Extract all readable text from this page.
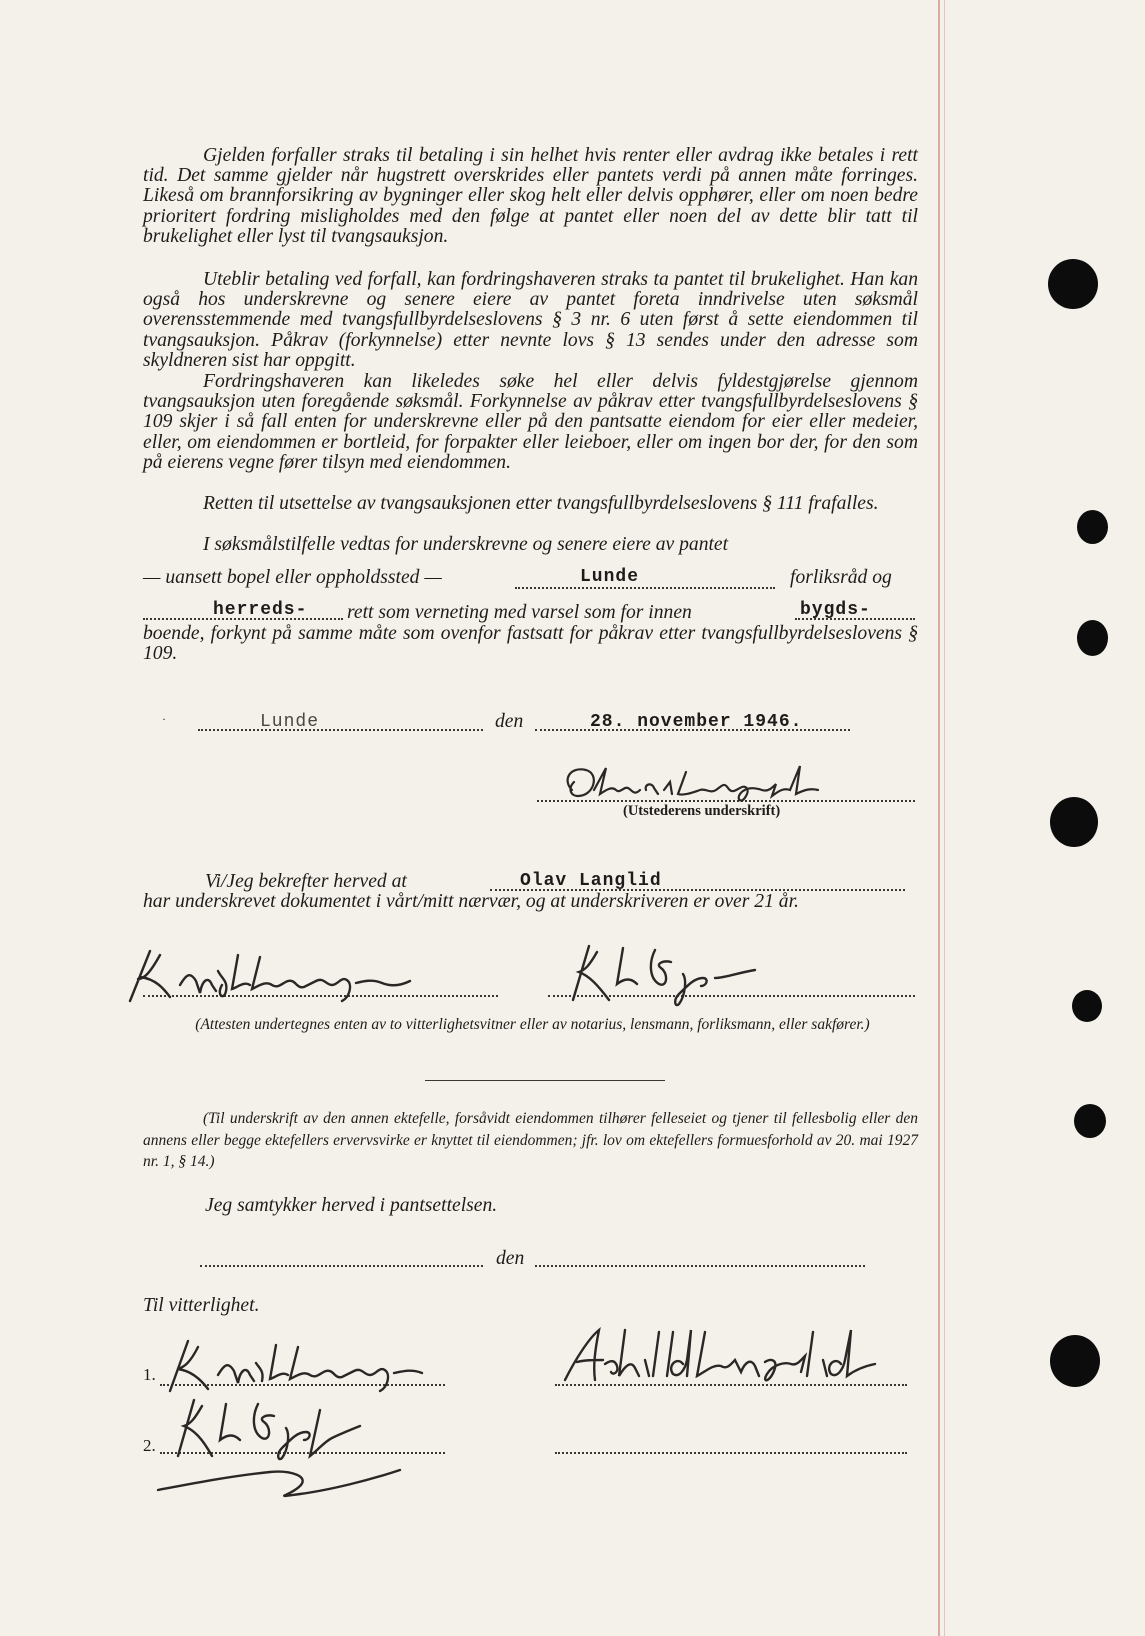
Gjelden forfaller straks til betaling i sin helhet hvis renter eller avdrag ikke betales i rett tid. Det samme gjelder når hugstrett overskrides eller pantets verdi på annen måte forringes. Likeså om brannforsikring av bygninger eller skog helt eller delvis opphører, eller om noen bedre prioritert fordring misligholdes med den følge at pantet eller noen del av dette blir tatt til brukelighet eller lyst til tvangsauksjon.
Uteblir betaling ved forfall, kan fordringshaveren straks ta pantet til brukelighet. Han kan også hos underskrevne og senere eiere av pantet foreta inndrivelse uten søksmål overensstemmende med tvangsfullbyrdelseslovens § 3 nr. 6 uten først å sette eiendommen til tvangsauksjon. Påkrav (forkynnelse) etter nevnte lovs § 13 sendes under den adresse som skyldneren sist har oppgitt.
Fordringshaveren kan likeledes søke hel eller delvis fyldestgjørelse gjennom tvangsauksjon uten foregående søksmål. Forkynnelse av påkrav etter tvangsfullbyrdelseslovens § 109 skjer i så fall enten for underskrevne eller på den pantsatte eiendom for eier eller medeier, eller, om eiendommen er bortleid, for forpakter eller leieboer, eller om ingen bor der, for den som på eierens vegne fører tilsyn med eiendommen.
Retten til utsettelse av tvangsauksjonen etter tvangsfullbyrdelseslovens § 111 frafalles.
I søksmålstilfelle vedtas for underskrevne og senere eiere av pantet
— uansett bopel eller oppholdssted —	Lunde	forliksråd og
herreds- rett som verneting med varsel som for innen	bygds-
boende, forkynt på samme måte som ovenfor fastsatt for påkrav etter tvangsfullbyrdelseslovens § 109.
·	Lunde	den	28. november 1946.
(Utstederens underskrift)
Vi/Jeg bekrefter herved at	Olav Langlid
har underskrevet dokumentet i vårt/mitt nærvær, og at underskriveren er over 21 år.
(Attesten undertegnes enten av to vitterlighetsvitner eller av notarius, lensmann, forliksmann, eller sakfører.)
(Til underskrift av den annen ektefelle, forsåvidt eiendommen tilhører felleseiet og tjener til fellesbolig eller den annens eller begge ektefellers ervervsvirke er knyttet til eiendommen; jfr. lov om ektefellers formuesforhold av 20. mai 1927 nr. 1, § 14.)
Jeg samtykker herved i pantsettelsen.
den
Til vitterlighet.
1.
2.
